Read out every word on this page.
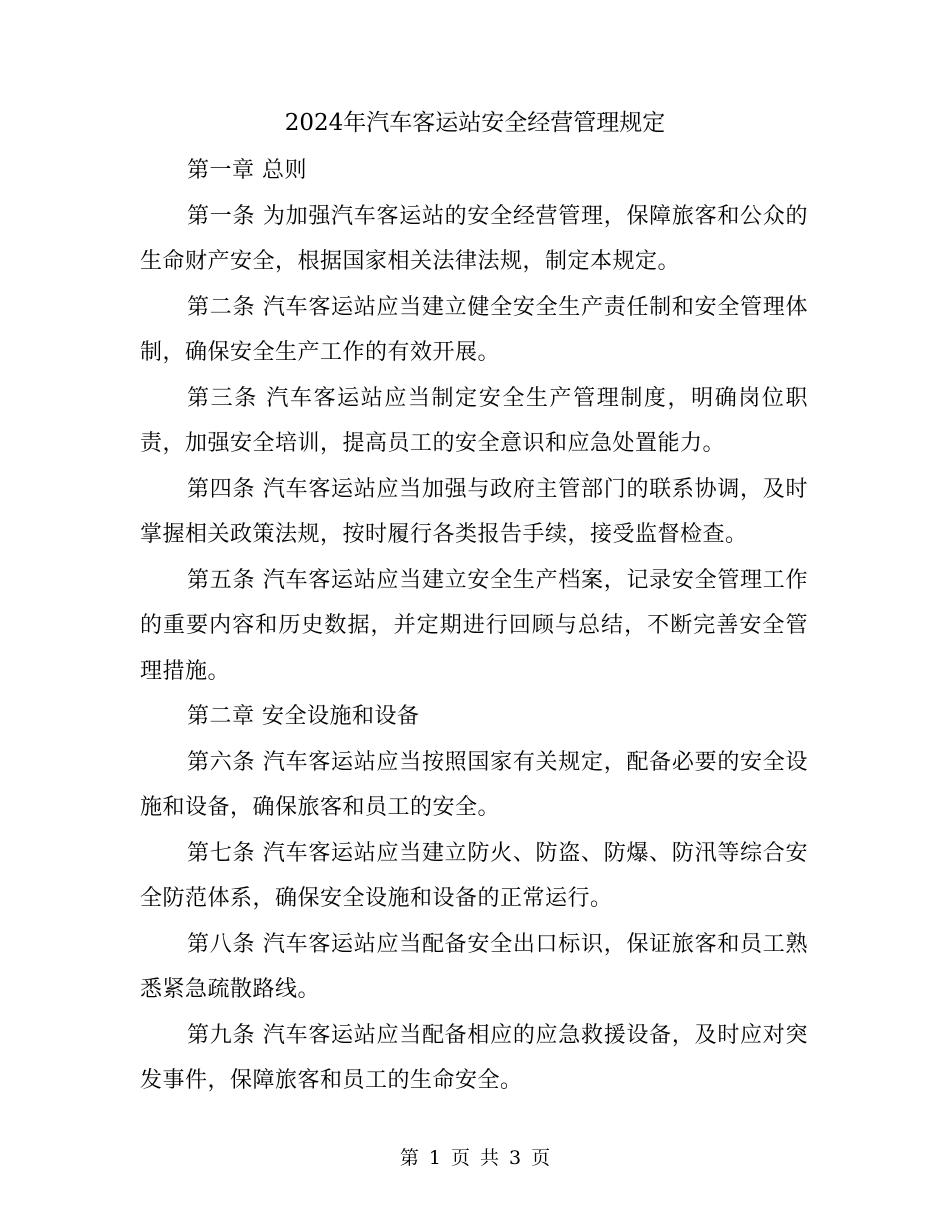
2024年汽车客运站安全经营管理规定

第一章 总则

第一条 为加强汽车客运站的安全经营管理，保障旅客和公众的生命财产安全，根据国家相关法律法规，制定本规定。

第二条 汽车客运站应当建立健全安全生产责任制和安全管理体制，确保安全生产工作的有效开展。

第三条 汽车客运站应当制定安全生产管理制度，明确岗位职责，加强安全培训，提高员工的安全意识和应急处置能力。

第四条 汽车客运站应当加强与政府主管部门的联系协调，及时掌握相关政策法规，按时履行各类报告手续，接受监督检查。

第五条 汽车客运站应当建立安全生产档案，记录安全管理工作的重要内容和历史数据，并定期进行回顾与总结，不断完善安全管理措施。

第二章 安全设施和设备

第六条 汽车客运站应当按照国家有关规定，配备必要的安全设施和设备，确保旅客和员工的安全。

第七条 汽车客运站应当建立防火、防盗、防爆、防汛等综合安全防范体系，确保安全设施和设备的正常运行。

第八条 汽车客运站应当配备安全出口标识，保证旅客和员工熟悉紧急疏散路线。

第九条 汽车客运站应当配备相应的应急救援设备，及时应对突发事件，保障旅客和员工的生命安全。

第 1 页 共 3 页
